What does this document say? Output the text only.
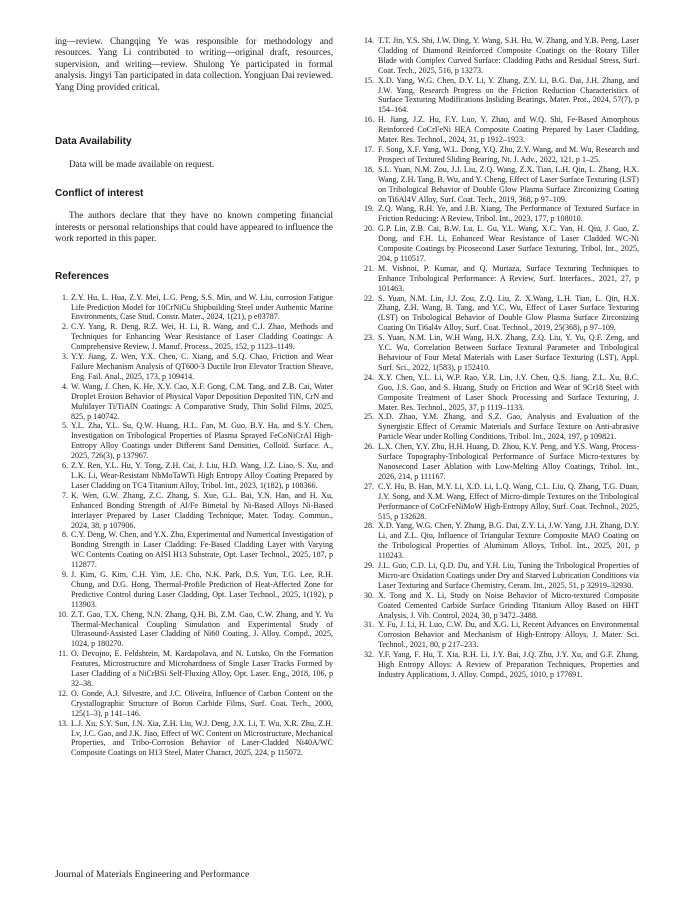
ing—review. Changqing Ye was responsible for methodology and resources. Yang Li contributed to writing—original draft, resources, supervision, and writing—review. Shulong Ye participated in formal analysis. Jingyi Tan participated in data collection. Yongjuan Dai reviewed. Yang Ding provided critical.

Data Availability

Data will be made available on request.

Conflict of interest

The authors declare that they have no known competing financial interests or personal relationships that could have appeared to influence the work reported in this paper.

References
1. Z.Y. Hu, L. Hua, Z.Y. Mei, L.G. Peng, S.S. Min, and W. Liu, corrosion Fatigue Life Prediction Model for 10CrNiCu Shipbuilding Steel under Authentic Marine Environments, Case Stud. Constr. Mater., 2024, 1(21), p e03787.
2. C.Y. Yang, R. Deng, R.Z. Wei, H. Li, R. Wang, and C.J. Zhao, Methods and Techniques for Enhancing Wear Resistance of Laser Cladding Coatings: A Comprehensive Review, J. Manuf. Process., 2025, 152, p 1123–1149.
3. Y.Y. Jiang, Z. Wen, Y.X. Chen, C. Xiang, and S.Q. Chao, Friction and Wear Failure Mechanism Analysis of QT600-3 Ductile Iron Elevator Traction Sheave, Eng. Fail. Anal., 2025, 173, p 109414.
4. W. Wang, J. Chen, K. He, X.Y. Cao, X.F. Gong, C.M. Tang, and Z.B. Cai, Water Droplet Erosion Behavior of Physical Vapor Deposition Deposited TiN, CrN and Multilayer Ti/TiAlN Coatings: A Comparative Study, Thin Solid Films, 2025, 825, p 140742.
5. Y.L. Zha, Y.L. Su, Q.W. Huang, H.L. Fan, M. Guo, B.Y. Ha, and S.Y. Chen, Investigation on Tribological Properties of Plasma Sprayed FeCoNiCrAl High-Entropy Alloy Coatings under Different Sand Densities, Colloid. Surface. A., 2025, 726(3), p 137967.
6. Z.Y. Ren, Y.L. Hu, Y. Tong, Z.H. Cai, J. Liu, H.D. Wang, J.Z. Liao, S. Xu, and L.K. Li, Wear-Resistant NbMoTaWTi High Entropy Alloy Coating Prepared by Laser Cladding on TC4 Titanium Alloy, Tribol. Int., 2023, 1(182), p 108366.
7. K. Wen, G.W. Zhang, Z.C. Zhang, S. Xue, G.L. Bai, Y.N. Han, and H. Xu, Enhanced Bonding Strength of Al/Fe Bimetal by Ni-Based Alloys Ni-Based Interlayer Prepared by Laser Cladding Technique, Mater. Today. Commun., 2024, 38, p 107906.
8. C.Y. Deng, W. Chen, and Y.X. Zhu, Experimental and Numerical Investigation of Bonding Strength in Laser Cladding: Fe-Based Cladding Layer with Varying WC Contents Coating on AISI H13 Substrate, Opt. Laser Technol., 2025, 187, p 112877.
9. J. Kim, G. Kim, C.H. Yim, J.E. Cho, N.K. Park, D.S. Yun, T.G. Lee, R.H. Chung, and D.G. Hong, Thermal-Profile Prediction of Heat-Affected Zone for Predictive Control during Laser Cladding, Opt. Laser Technol., 2025, 1(192), p 113903.
10. Z.T. Gao, T.X. Cheng, N.N. Zhang, Q.H. Bi, Z.M. Gao, C.W. Zhang, and Y. Yu Thermal-Mechanical Coupling Simulation and Experimental Study of Ultrasound-Assisted Laser Cladding of Ni60 Coating, J. Alloy. Compd., 2025, 1024, p 180270.
11. O. Devojno, E. Feldshtein, M. Kardapolava, and N. Lutsko, On the Formation Features, Microstructure and Microhardness of Single Laser Tracks Formed by Laser Cladding of a NiCrBSi Self-Fluxing Alloy, Opt. Laser. Eng., 2018, 106, p 32–38.
12. O. Conde, A.J. Silvestre, and J.C. Oliveira, Influence of Carbon Content on the Crystallographic Structure of Boron Carbide Films, Surf. Coat. Tech., 2000, 125(1–3), p 141–146.
13. L.J. Xu, S.Y. Sun, J.N. Xia, Z.H. Liu, W.J. Deng, J.X. Li, T. Wu, X.R. Zhu, Z.H. Lv, J.C. Gao, and J.K. Jiao, Effect of WC Content on Microstructure, Mechanical Properties, and Tribo-Corrosion Behavior of Laser-Cladded Ni40A/WC Composite Coatings on H13 Steel, Mater Charact, 2025, 224, p 115072.
14. T.T. Jin, Y.S. Shi, J.W. Ding, Y. Wang, S.H. Hu, W. Zhang, and Y.B. Peng, Laser Cladding of Diamond Reinforced Composite Coatings on the Rotary Tiller Blade with Complex Curved Surface: Cladding Paths and Residual Stress, Surf. Coat. Tech., 2025, 516, p 13273.
15. X.D. Yang, W.G. Chen, D.Y. Li, Y. Zhang, Z.Y. Li, B.G. Dai, J.H. Zhang, and J.W. Yang, Research Progress on the Friction Reduction Characteristics of Surface Texturing Modifications Insliding Bearings, Mater. Prot., 2024, 57(7), p 154–164.
16. H. Jiang, J.Z. Hu, F.Y. Luo, Y. Zhao, and W.Q. Shi, Fe-Based Amorphous Reinforced CoCrFeNi HEA Composite Coating Prepared by Laser Cladding, Mater. Res. Technol., 2024, 31, p 1912–1923.
17. F. Song, X.F. Yang, W.L. Dong, Y.Q. Zhu, Z.Y. Wang, and M. Wu, Research and Prospect of Textured Sliding Bearing, Nt. J. Adv., 2022, 121, p 1–25.
18. S.L. Yuan, N.M. Zou, J.J. Liu, Z.Q. Wang, Z.X. Tian, L.H. Qin, L. Zhang, H.X. Wang, Z.H. Tang, B. Wu, and Y. Cheng, Effect of Laser Surface Texturing (LST) on Tribological Behavior of Double Glow Plasma Surface Zirconizing Coating on Ti6Al4V Alloy, Surf. Coat. Tech., 2019, 368, p 97–109.
19. Z.Q. Wang, R.H. Ye, and J.B. Xiang, The Performance of Textured Surface in Friction Reducing: A Review, Tribol. Int., 2023, 177, p 108010.
20. G.P. Lin, Z.B. Cai, B.W. Lu, L. Gu, Y.L. Wang, X.C. Yan, H. Qiu, J. Guo, Z. Dong, and F.H. Li, Enhanced Wear Resistance of Laser Cladded WC-Ni Composite Coatings by Picosecond Laser Surface Texturing, Tribol. Int., 2025, 204, p 110517.
21. M. Vishnoi, P. Kumar, and Q. Murtaza, Surface Texturing Techniques to Enhance Tribological Performance: A Review, Surf. Interfaces., 2021, 27, p 101463.
22. S. Yuan, N.M. Lin, J.J. Zou, Z.Q. Liu, Z. X.Wang, L.H. Tian, L. Qin, H.X. Zhang, Z.H. Wang, B. Tang, and Y.C. Wu, Effect of Laser Surface Texturing (LST) on Tribological Behavior of Double Glow Plasma Surface Zirconizing Coating On Ti6al4v Alloy, Surf. Coat. Technol., 2019, 25(368), p 97–109.
23. S. Yuan, N.M. Lin, W.H Wang, H.X. Zhang, Z.Q. Liu, Y. Yu, Q.F. Zeng, and Y.C. Wu, Correlation Between Surface Textural Parameter and Tribological Behaviour of Four Metal Materials with Laser Surface Texturing (LST), Appl. Surf. Sci., 2022, 1(583), p 152410.
24. X.Y. Chen, Y.L. Li, W.P. Rao, Y.R. Lin, J.Y. Chen, Q.S. Jiang, Z.L. Xu, B.C. Guo, J.S. Gao, and S. Huang, Study on Friction and Wear of 9Cr18 Steel with Composite Treatment of Laser Shock Processing and Surface Texturing, J. Mater. Res. Technol., 2025, 37, p 1119–1133.
25. X.D. Zhao, Y.M. Zhang, and S.Z. Gao, Analysis and Evaluation of the Synergistic Effect of Ceramic Materials and Surface Texture on Anti-abrasive Particle Wear under Rolling Conditions, Tribol. Int., 2024, 197, p 109821.
26. L.X. Chen, Y.Y. Zhu, H.H. Huang, D. Zhou, K.Y. Peng, and Y.S. Wang, Process-Surface Topography-Tribological Performance of Surface Micro-textures by Nanosecond Laser Ablation with Low-Melting Alloy Coatings, Tribol. Int., 2026, 214, p 111167.
27. C.Y. Hu, B. Han, M.Y. Li, X.D. Li, L.Q. Wang, C.L. Liu, Q. Zhang, T.G. Duan, J.Y. Song, and X.M. Wang, Effect of Micro-dimple Textures on the Tribological Performance of CoCrFeNiMoW High-Entropy Alloy, Surf. Coat. Technol., 2025, 515, p 132628.
28. X.D. Yang, W.G. Chen, Y. Zhang, B.G. Dai, Z.Y. Li, J.W. Yang, J.H. Zhang, D.Y. Li, and Z.L. Qiu, Influence of Triangular Texture Composite MAO Coating on the Tribological Properties of Aluminum Alloys, Tribol. Int., 2025, 201, p 110243.
29. J.L. Guo, C.D. Li, Q.D. Du, and Y.H. Liu, Tuning the Tribological Properties of Micro-arc Oxidation Coatings under Dry and Starved Lubrication Conditions via Laser Texturing and Surface Chemistry, Ceram. Int., 2025, 51, p 32919–32930.
30. X. Tong and X. Li, Study on Noise Behavior of Micro-textured Composite Coated Cemented Carbide Surface Grinding Titanium Alloy Based on HHT Analysis, J. Vib. Control, 2024, 30, p 3472–3488.
31. Y. Fu, J. Li, H. Luo, C.W. Du, and X.G. Li, Recent Advances on Environmental Corrosion Behavior and Mechanism of High-Entropy Alloys, J. Mater. Sci. Technol., 2021, 80, p 217–233.
32. Y.F. Yang, F. Hu, T. Xia, R.H. Li, J.Y. Bai, J.Q. Zhu, J.Y. Xu, and G.F. Zhang, High Entropy Alloys: A Review of Preparation Techniques, Properties and Industry Applications, J. Alloy. Compd., 2025, 1010, p 177691.
Journal of Materials Engineering and Performance
